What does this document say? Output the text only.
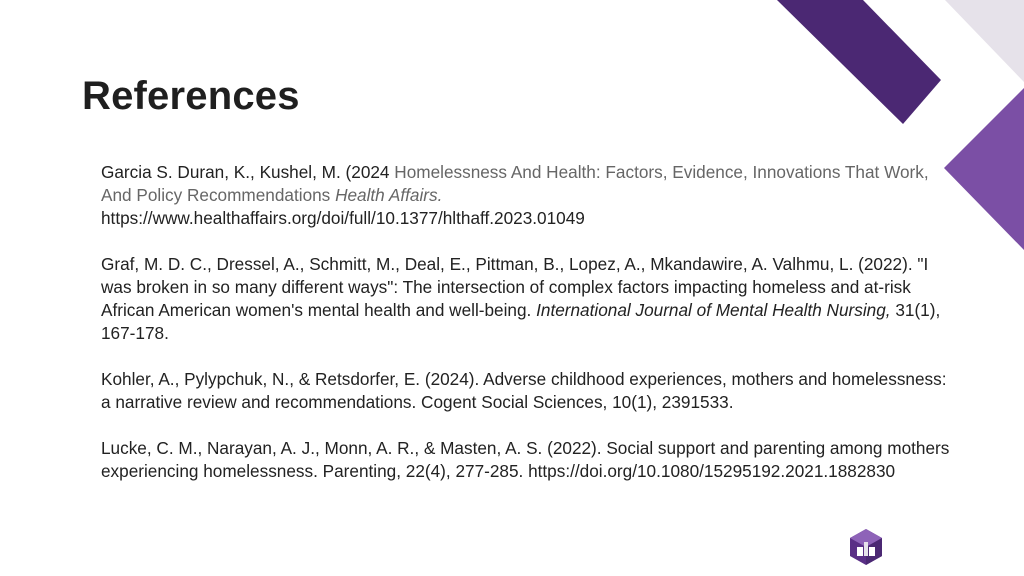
References

Garcia S. Duran, K., Kushel, M. (2024 Homelessness And Health: Factors, Evidence, Innovations That Work, And Policy Recommendations Health Affairs.
https://www.healthaffairs.org/doi/full/10.1377/hlthaff.2023.01049

Graf, M. D. C., Dressel, A., Schmitt, M., Deal, E., Pittman, B., Lopez, A., Mkandawire, A. Valhmu, L. (2022). "I was broken in so many different ways": The intersection of complex factors impacting homeless and at-risk African American women's mental health and well-being. International Journal of Mental Health Nursing, 31(1), 167-178.

Kohler, A., Pylypchuk, N., & Retsdorfer, E. (2024). Adverse childhood experiences, mothers and homelessness: a narrative review and recommendations. Cogent Social Sciences, 10(1), 2391533.

Lucke, C. M., Narayan, A. J., Monn, A. R., & Masten, A. S. (2022). Social support and parenting among mothers experiencing homelessness. Parenting, 22(4), 277-285. https://doi.org/10.1080/15295192.2021.1882830
